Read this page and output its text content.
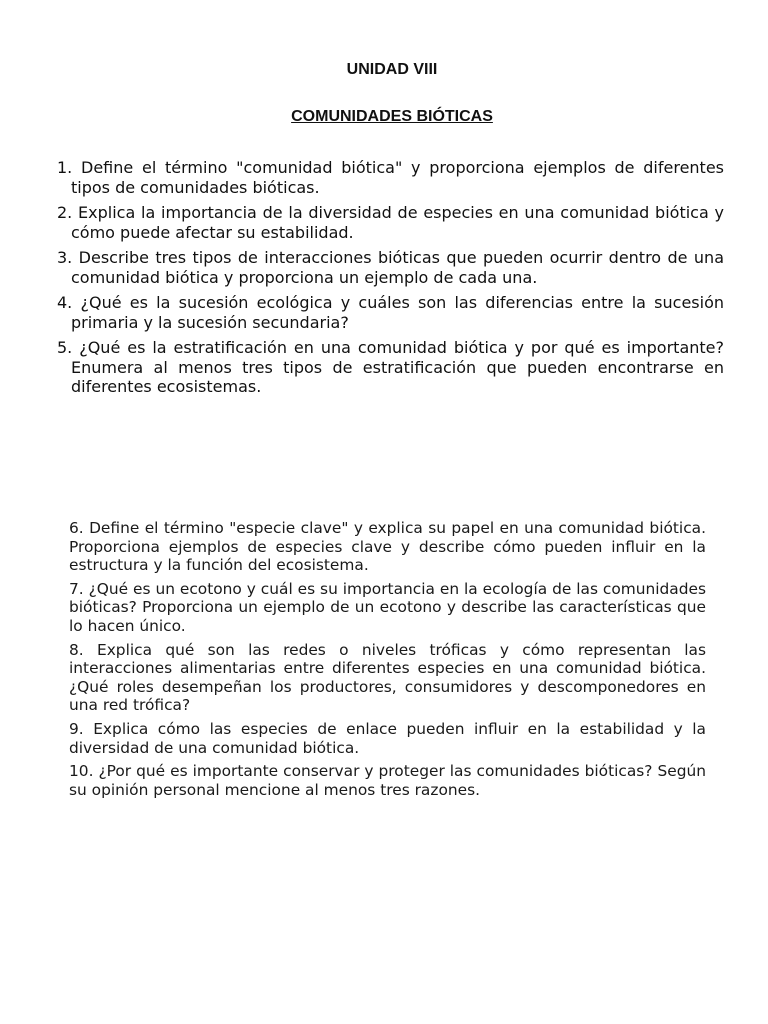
UNIDAD VIII
COMUNIDADES BIÓTICAS
1. Define el término "comunidad biótica" y proporciona ejemplos de diferentes tipos de comunidades bióticas.
2. Explica la importancia de la diversidad de especies en una comunidad biótica y cómo puede afectar su estabilidad.
3. Describe tres tipos de interacciones bióticas que pueden ocurrir dentro de una comunidad biótica y proporciona un ejemplo de cada una.
4. ¿Qué es la sucesión ecológica y cuáles son las diferencias entre la sucesión primaria y la sucesión secundaria?
5. ¿Qué es la estratificación en una comunidad biótica y por qué es importante? Enumera al menos tres tipos de estratificación que pueden encontrarse en diferentes ecosistemas.
6. Define el término "especie clave" y explica su papel en una comunidad biótica. Proporciona ejemplos de especies clave y describe cómo pueden influir en la estructura y la función del ecosistema.
7. ¿Qué es un ecotono y cuál es su importancia en la ecología de las comunidades bióticas? Proporciona un ejemplo de un ecotono y describe las características que lo hacen único.
8. Explica qué son las redes o niveles tróficas y cómo representan las interacciones alimentarias entre diferentes especies en una comunidad biótica. ¿Qué roles desempeñan los productores, consumidores y descomponedores en una red trófica?
9. Explica cómo las especies de enlace pueden influir en la estabilidad y la diversidad de una comunidad biótica.
10. ¿Por qué es importante conservar y proteger las comunidades bióticas? Según su opinión personal mencione al menos tres razones.
